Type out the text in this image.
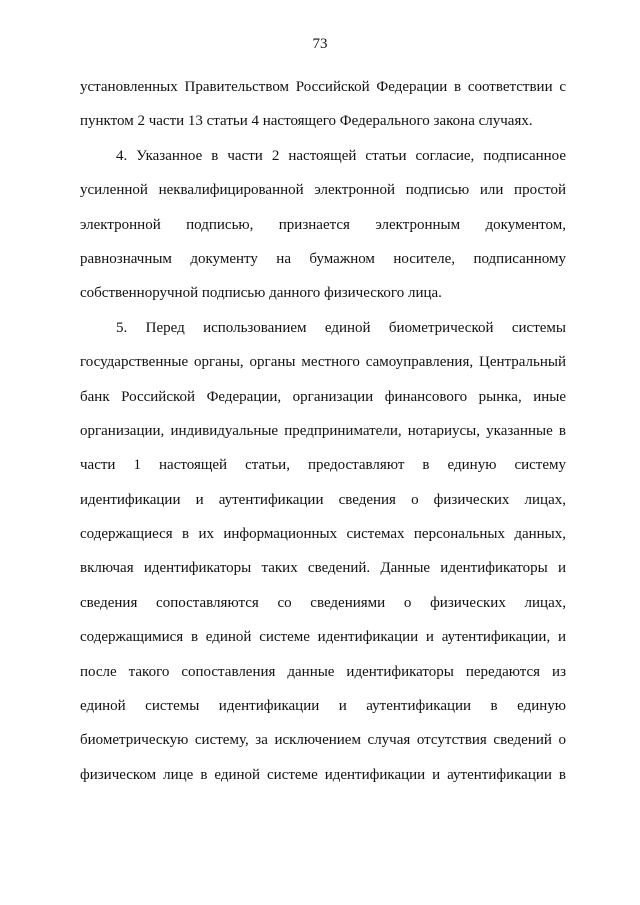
73
установленных Правительством Российской Федерации в соответствии с
пунктом 2 части 13 статьи 4 настоящего Федерального закона случаях.
4. Указанное в части 2 настоящей статьи согласие, подписанное
усиленной неквалифицированной электронной подписью или простой
электронной подписью, признается электронным документом,
равнозначным документу на бумажном носителе, подписанному
собственноручной подписью данного физического лица.
5. Перед использованием единой биометрической системы
государственные органы, органы местного самоуправления, Центральный
банк Российской Федерации, организации финансового рынка, иные
организации, индивидуальные предприниматели, нотариусы, указанные в
части 1 настоящей статьи, предоставляют в единую систему
идентификации и аутентификации сведения о физических лицах,
содержащиеся в их информационных системах персональных данных,
включая идентификаторы таких сведений. Данные идентификаторы и
сведения сопоставляются со сведениями о физических лицах,
содержащимися в единой системе идентификации и аутентификации, и
после такого сопоставления данные идентификаторы передаются из
единой системы идентификации и аутентификации в единую
биометрическую систему, за исключением случая отсутствия сведений о
физическом лице в единой системе идентификации и аутентификации в
